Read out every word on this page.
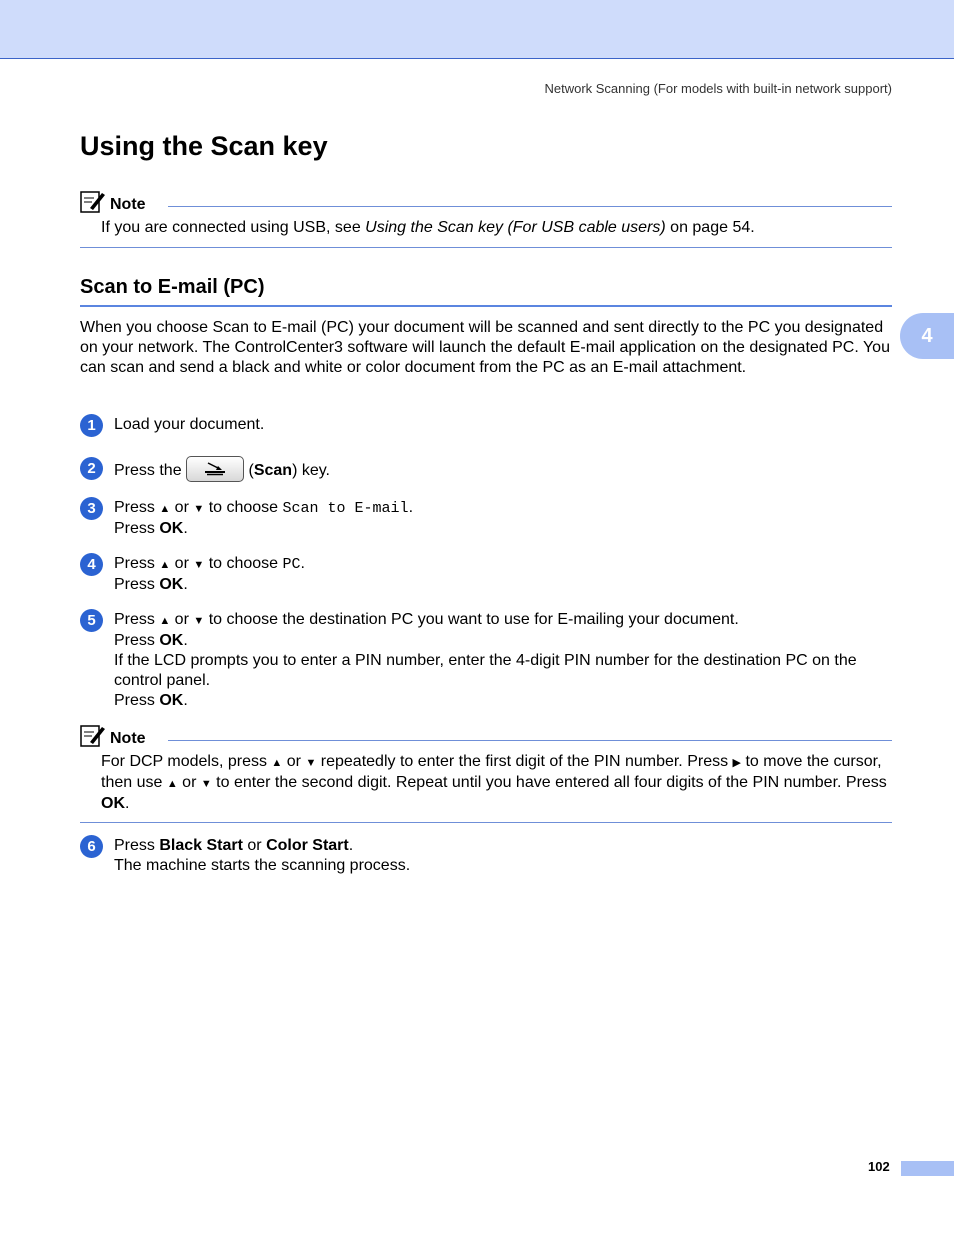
Network Scanning (For models with built-in network support)
Using the Scan key
Note
If you are connected using USB, see Using the Scan key (For USB cable users) on page 54.
Scan to E-mail (PC)
When you choose Scan to E-mail (PC) your document will be scanned and sent directly to the PC you designated on your network. The ControlCenter3 software will launch the default E-mail application on the designated PC. You can scan and send a black and white or color document from the PC as an E-mail attachment.
4
1	Load your document.
2	Press the	(Scan) key.
3	Press ▲ or ▼ to choose Scan to E-mail.
Press OK.
4	Press ▲ or ▼ to choose PC.
Press OK.
5	Press ▲ or ▼ to choose the destination PC you want to use for E-mailing your document.
Press OK.
If the LCD prompts you to enter a PIN number, enter the 4-digit PIN number for the destination PC on the control panel.
Press OK.
Note
For DCP models, press ▲ or ▼ repeatedly to enter the first digit of the PIN number. Press ▶ to move the cursor, then use ▲ or ▼ to enter the second digit. Repeat until you have entered all four digits of the PIN number. Press OK.
6	Press Black Start or Color Start.
The machine starts the scanning process.
102
